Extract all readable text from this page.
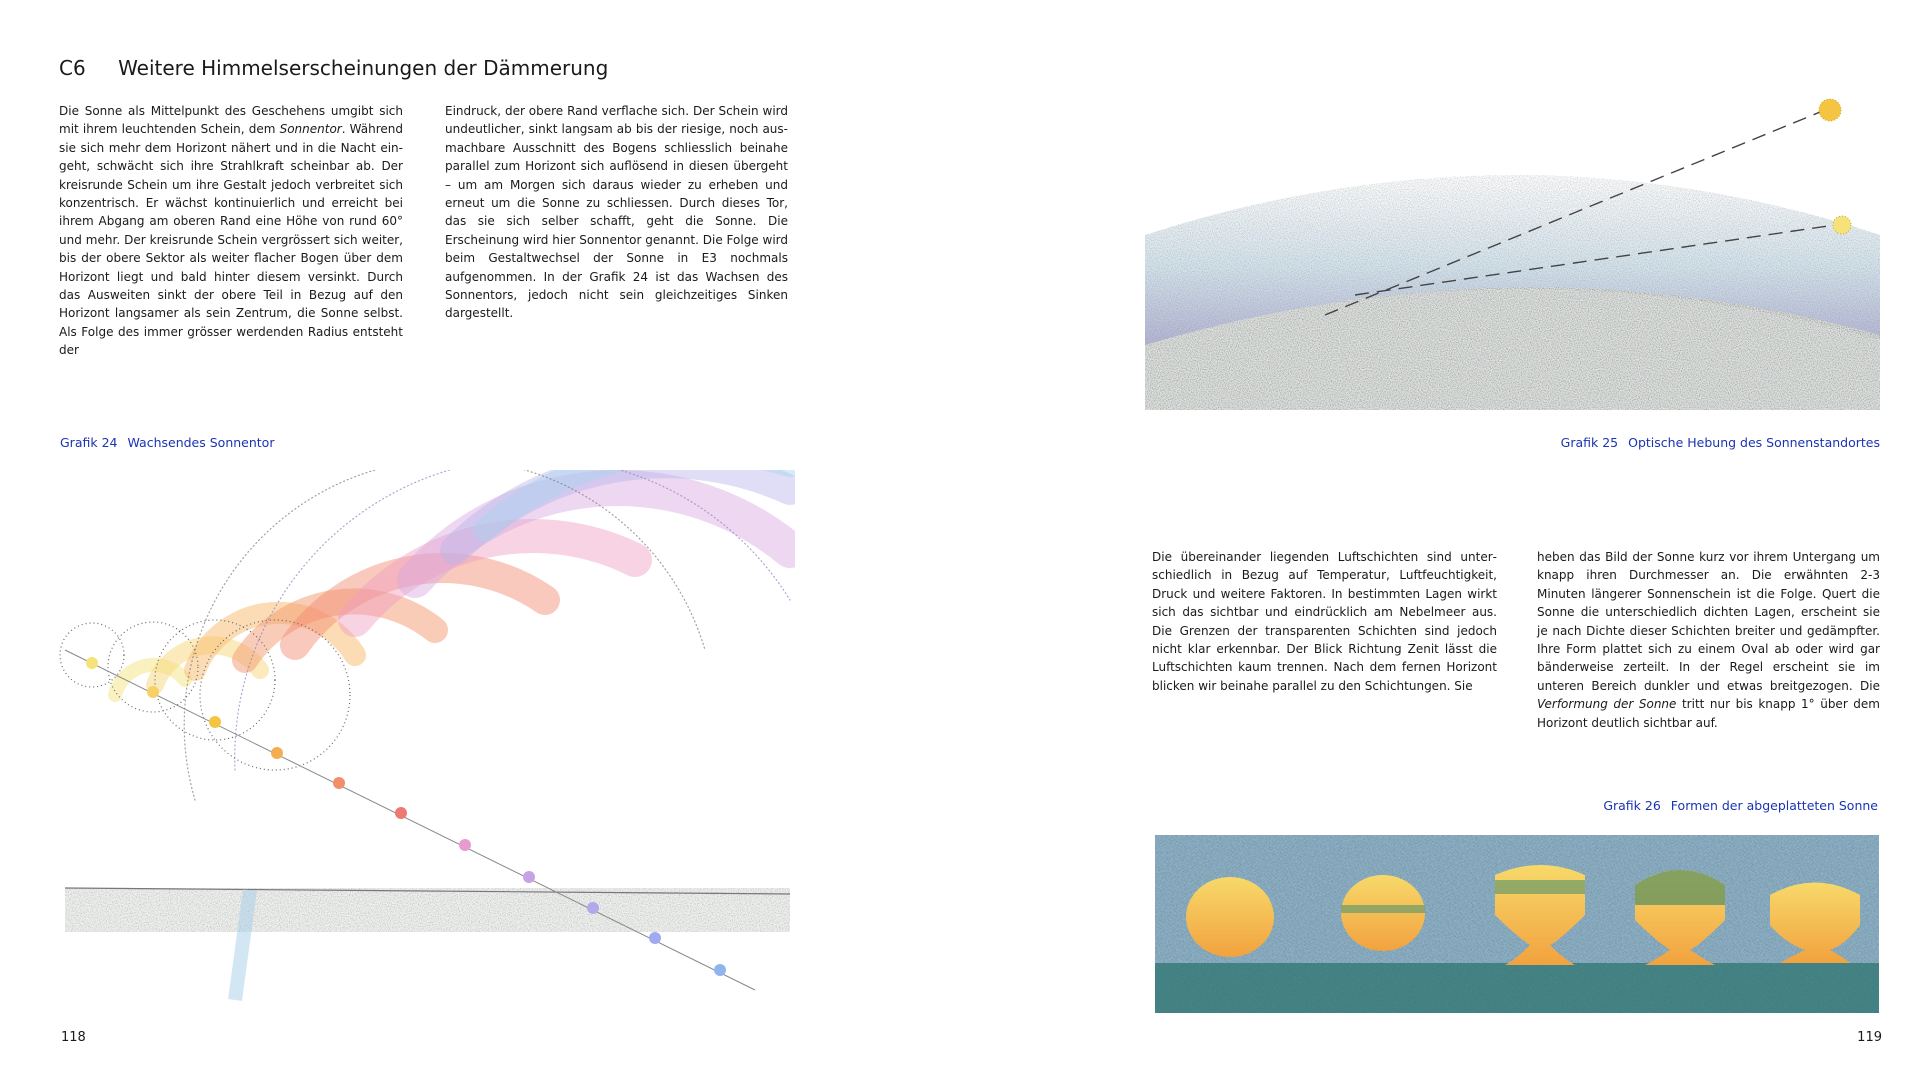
C6 Weitere Himmelserscheinungen der Dämmerung
Die Sonne als Mittelpunkt des Geschehens umgibt sich mit ihrem leuchtenden Schein, dem Sonnentor. Während sie sich mehr dem Horizont nähert und in die Nacht eingeht, schwächt sich ihre Strahlkraft scheinbar ab. Der kreisrunde Schein um ihre Gestalt jedoch verbreitet sich konzentrisch. Er wächst kontinuierlich und erreicht bei ihrem Abgang am oberen Rand eine Höhe von rund 60° und mehr. Der kreisrunde Schein vergrössert sich weiter, bis der obere Sektor als weiter flacher Bogen über dem Horizont liegt und bald hinter diesem versinkt. Durch das Ausweiten sinkt der obere Teil in Bezug auf den Horizont langsamer als sein Zentrum, die Sonne selbst. Als Folge des immer grösser werdenden Radius entsteht der
Eindruck, der obere Rand verflache sich. Der Schein wird undeutlicher, sinkt langsam ab bis der riesige, noch ausmachbare Ausschnitt des Bogens schliesslich beinahe parallel zum Horizont sich auflösend in diesen übergeht – um am Morgen sich daraus wieder zu erheben und erneut um die Sonne zu schliessen. Durch dieses Tor, das sie sich selber schafft, geht die Sonne. Die Erscheinung wird hier Sonnentor genannt. Die Folge wird beim Gestaltwechsel der Sonne in E3 nochmals aufgenommen. In der Grafik 24 ist das Wachsen des Sonnentors, jedoch nicht sein gleichzeitiges Sinken dargestellt.
Grafik 24 Wachsendes Sonnentor
118
Grafik 25 Optische Hebung des Sonnenstandortes
Die übereinander liegenden Luftschichten sind unterschiedlich in Bezug auf Temperatur, Luftfeuchtigkeit, Druck und weitere Faktoren. In bestimmten Lagen wirkt sich das sichtbar und eindrücklich am Nebelmeer aus. Die Grenzen der transparenten Schichten sind jedoch nicht klar erkennbar. Der Blick Richtung Zenit lässt die Luftschichten kaum trennen. Nach dem fernen Horizont blicken wir beinahe parallel zu den Schichtungen. Sie
heben das Bild der Sonne kurz vor ihrem Untergang um knapp ihren Durchmesser an. Die erwähnten 2-3 Minuten längerer Sonnenschein ist die Folge. Quert die Sonne die unterschiedlich dichten Lagen, erscheint sie je nach Dichte dieser Schichten breiter und gedämpfter. Ihre Form plattet sich zu einem Oval ab oder wird gar bänderweise zerteilt. In der Regel erscheint sie im unteren Bereich dunkler und etwas breitgezogen. Die Verformung der Sonne tritt nur bis knapp 1° über dem Horizont deutlich sichtbar auf.
Grafik 26 Formen der abgeplatteten Sonne
119
